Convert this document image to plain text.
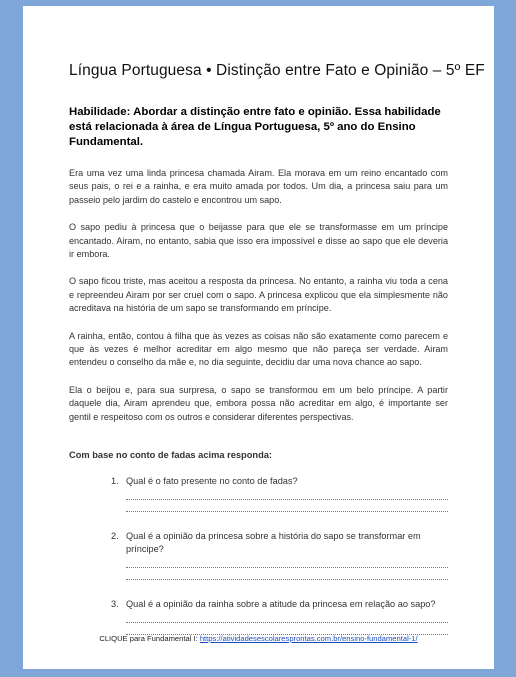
Língua Portuguesa • Distinção entre Fato e Opinião – 5º EF
Habilidade: Abordar a distinção entre fato e opinião. Essa habilidade está relacionada à área de Língua Portuguesa, 5º ano do Ensino Fundamental.

Era uma vez uma linda princesa chamada Airam. Ela morava em um reino encantado com seus pais, o rei e a rainha, e era muito amada por todos. Um dia, a princesa saiu para um passeio pelo jardim do castelo e encontrou um sapo.

O sapo pediu à princesa que o beijasse para que ele se transformasse em um príncipe encantado. Airam, no entanto, sabia que isso era impossível e disse ao sapo que ele deveria ir embora.

O sapo ficou triste, mas aceitou a resposta da princesa. No entanto, a rainha viu toda a cena e repreendeu Airam por ser cruel com o sapo. A princesa explicou que ela simplesmente não acreditava na história de um sapo se transformando em príncipe.

A rainha, então, contou à filha que às vezes as coisas não são exatamente como parecem e que às vezes é melhor acreditar em algo mesmo que não pareça ser verdade. Airam entendeu o conselho da mãe e, no dia seguinte, decidiu dar uma nova chance ao sapo.

Ela o beijou e, para sua surpresa, o sapo se transformou em um belo príncipe. A partir daquele dia, Airam aprendeu que, embora possa não acreditar em algo, é importante ser gentil e respeitoso com os outros e considerar diferentes perspectivas.

Com base no conto de fadas acima responda:
1. Qual é o fato presente no conto de fadas?
2. Qual é a opinião da princesa sobre a história do sapo se transformar em príncipe?
3. Qual é a opinião da rainha sobre a atitude da princesa em relação ao sapo?
CLIQUE para Fundamental I: https://atividadesescolaresprontas.com.br/ensino-fundamental-1/
